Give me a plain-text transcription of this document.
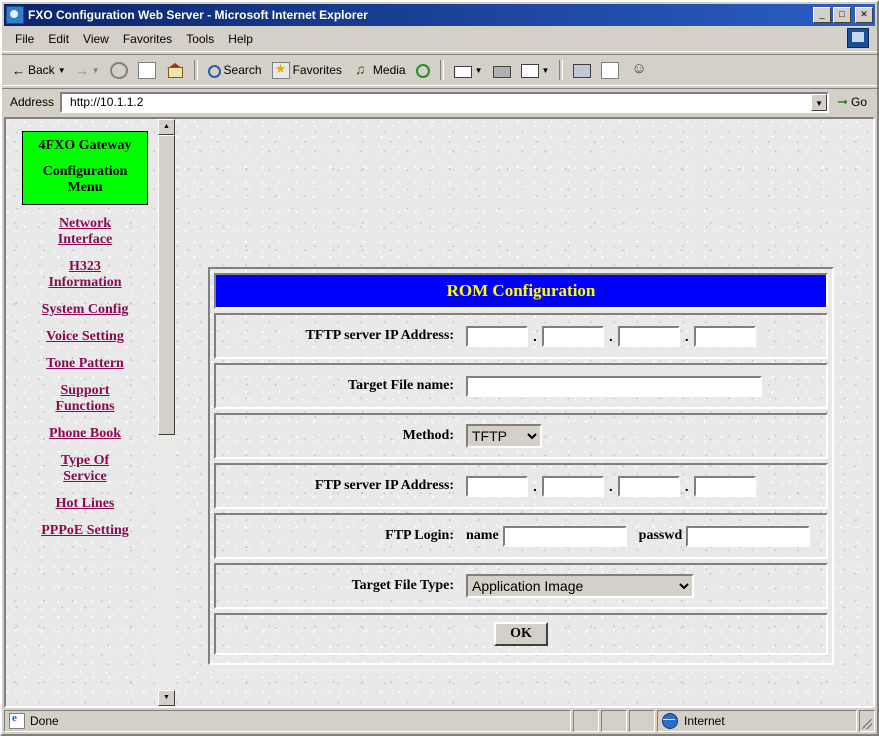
FXO Configuration Web Server - Microsoft Internet Explorer	_	□	✕
File	Edit	View	Favorites	Tools	Help
← Back ▼ → ▼	Search ★	Favorites ♫	Media	▼	▼
☺
Address
http://10.1.1.2	▼	➞ Go
4FXO Gateway
Configuration
Menu
Network
Interface
H323
Information
System Config
Voice Setting
Tone Pattern
Support
Functions
Phone Book
Type Of
Service
Hot Lines
PPPoE Setting
▲
▼
ROM Configuration
TFTP server IP Address:	.	.	.
Target File name:
Method:
TFTP
FTP server IP Address:	.	.	.
FTP Login: name	passwd
Target File Type:
Application Image
OK
e
Done	Internet
